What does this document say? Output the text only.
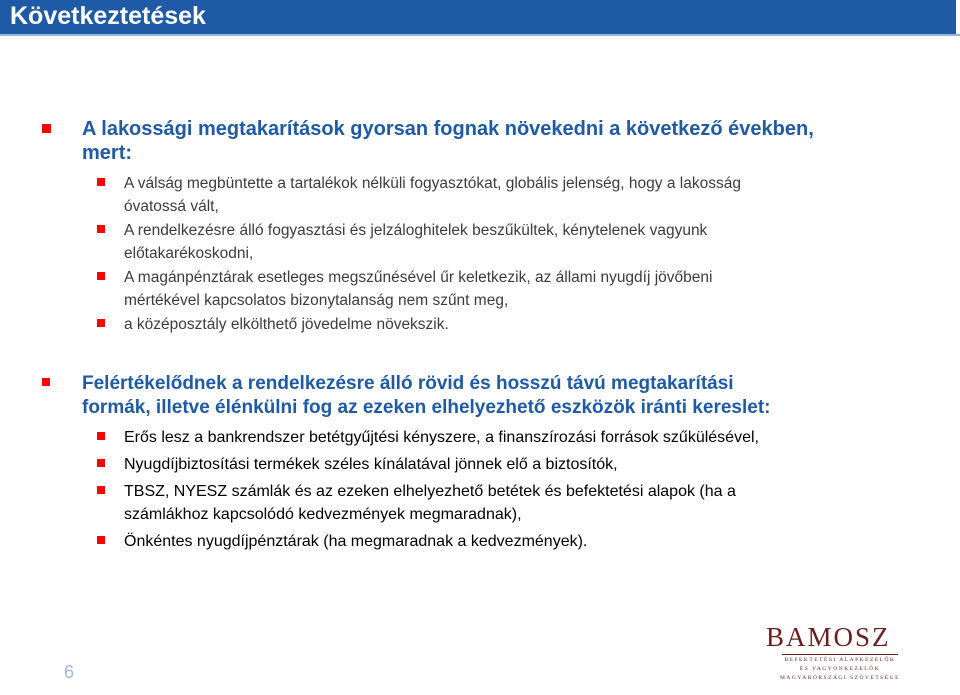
Következtetések
A lakossági megtakarítások gyorsan fognak növekedni a következő években,
mert:
A válság megbüntette a tartalékok nélküli fogyasztókat, globális jelenség, hogy a lakosság
óvatossá vált,
A rendelkezésre álló fogyasztási és jelzáloghitelek beszűkültek, kénytelenek vagyunk
előtakarékoskodni,
A magánpénztárak esetleges megszűnésével űr keletkezik, az állami nyugdíj jövőbeni
mértékével kapcsolatos bizonytalanság nem szűnt meg,
a középosztály elkölthető jövedelme növekszik.
Felértékelődnek a rendelkezésre álló rövid és hosszú távú megtakarítási
formák, illetve élénkülni fog az ezeken elhelyezhető eszközök iránti kereslet:
Erős lesz a bankrendszer betétgyűjtési kényszere, a finanszírozási források szűkülésével,
Nyugdíjbiztosítási termékek széles kínálatával jönnek elő a biztosítók,
TBSZ, NYESZ számlák és az ezeken elhelyezhető betétek és befektetési alapok (ha a
számlákhoz kapcsolódó kedvezmények megmaradnak),
Önkéntes nyugdíjpénztárak (ha megmaradnak a kedvezmények).
6
BAMOSZ
BEFEKTETÉSI ALAPKEZELŐK
ÉS VAGYONKEZELŐK
MAGYARORSZÁGI SZÖVETSÉGE
